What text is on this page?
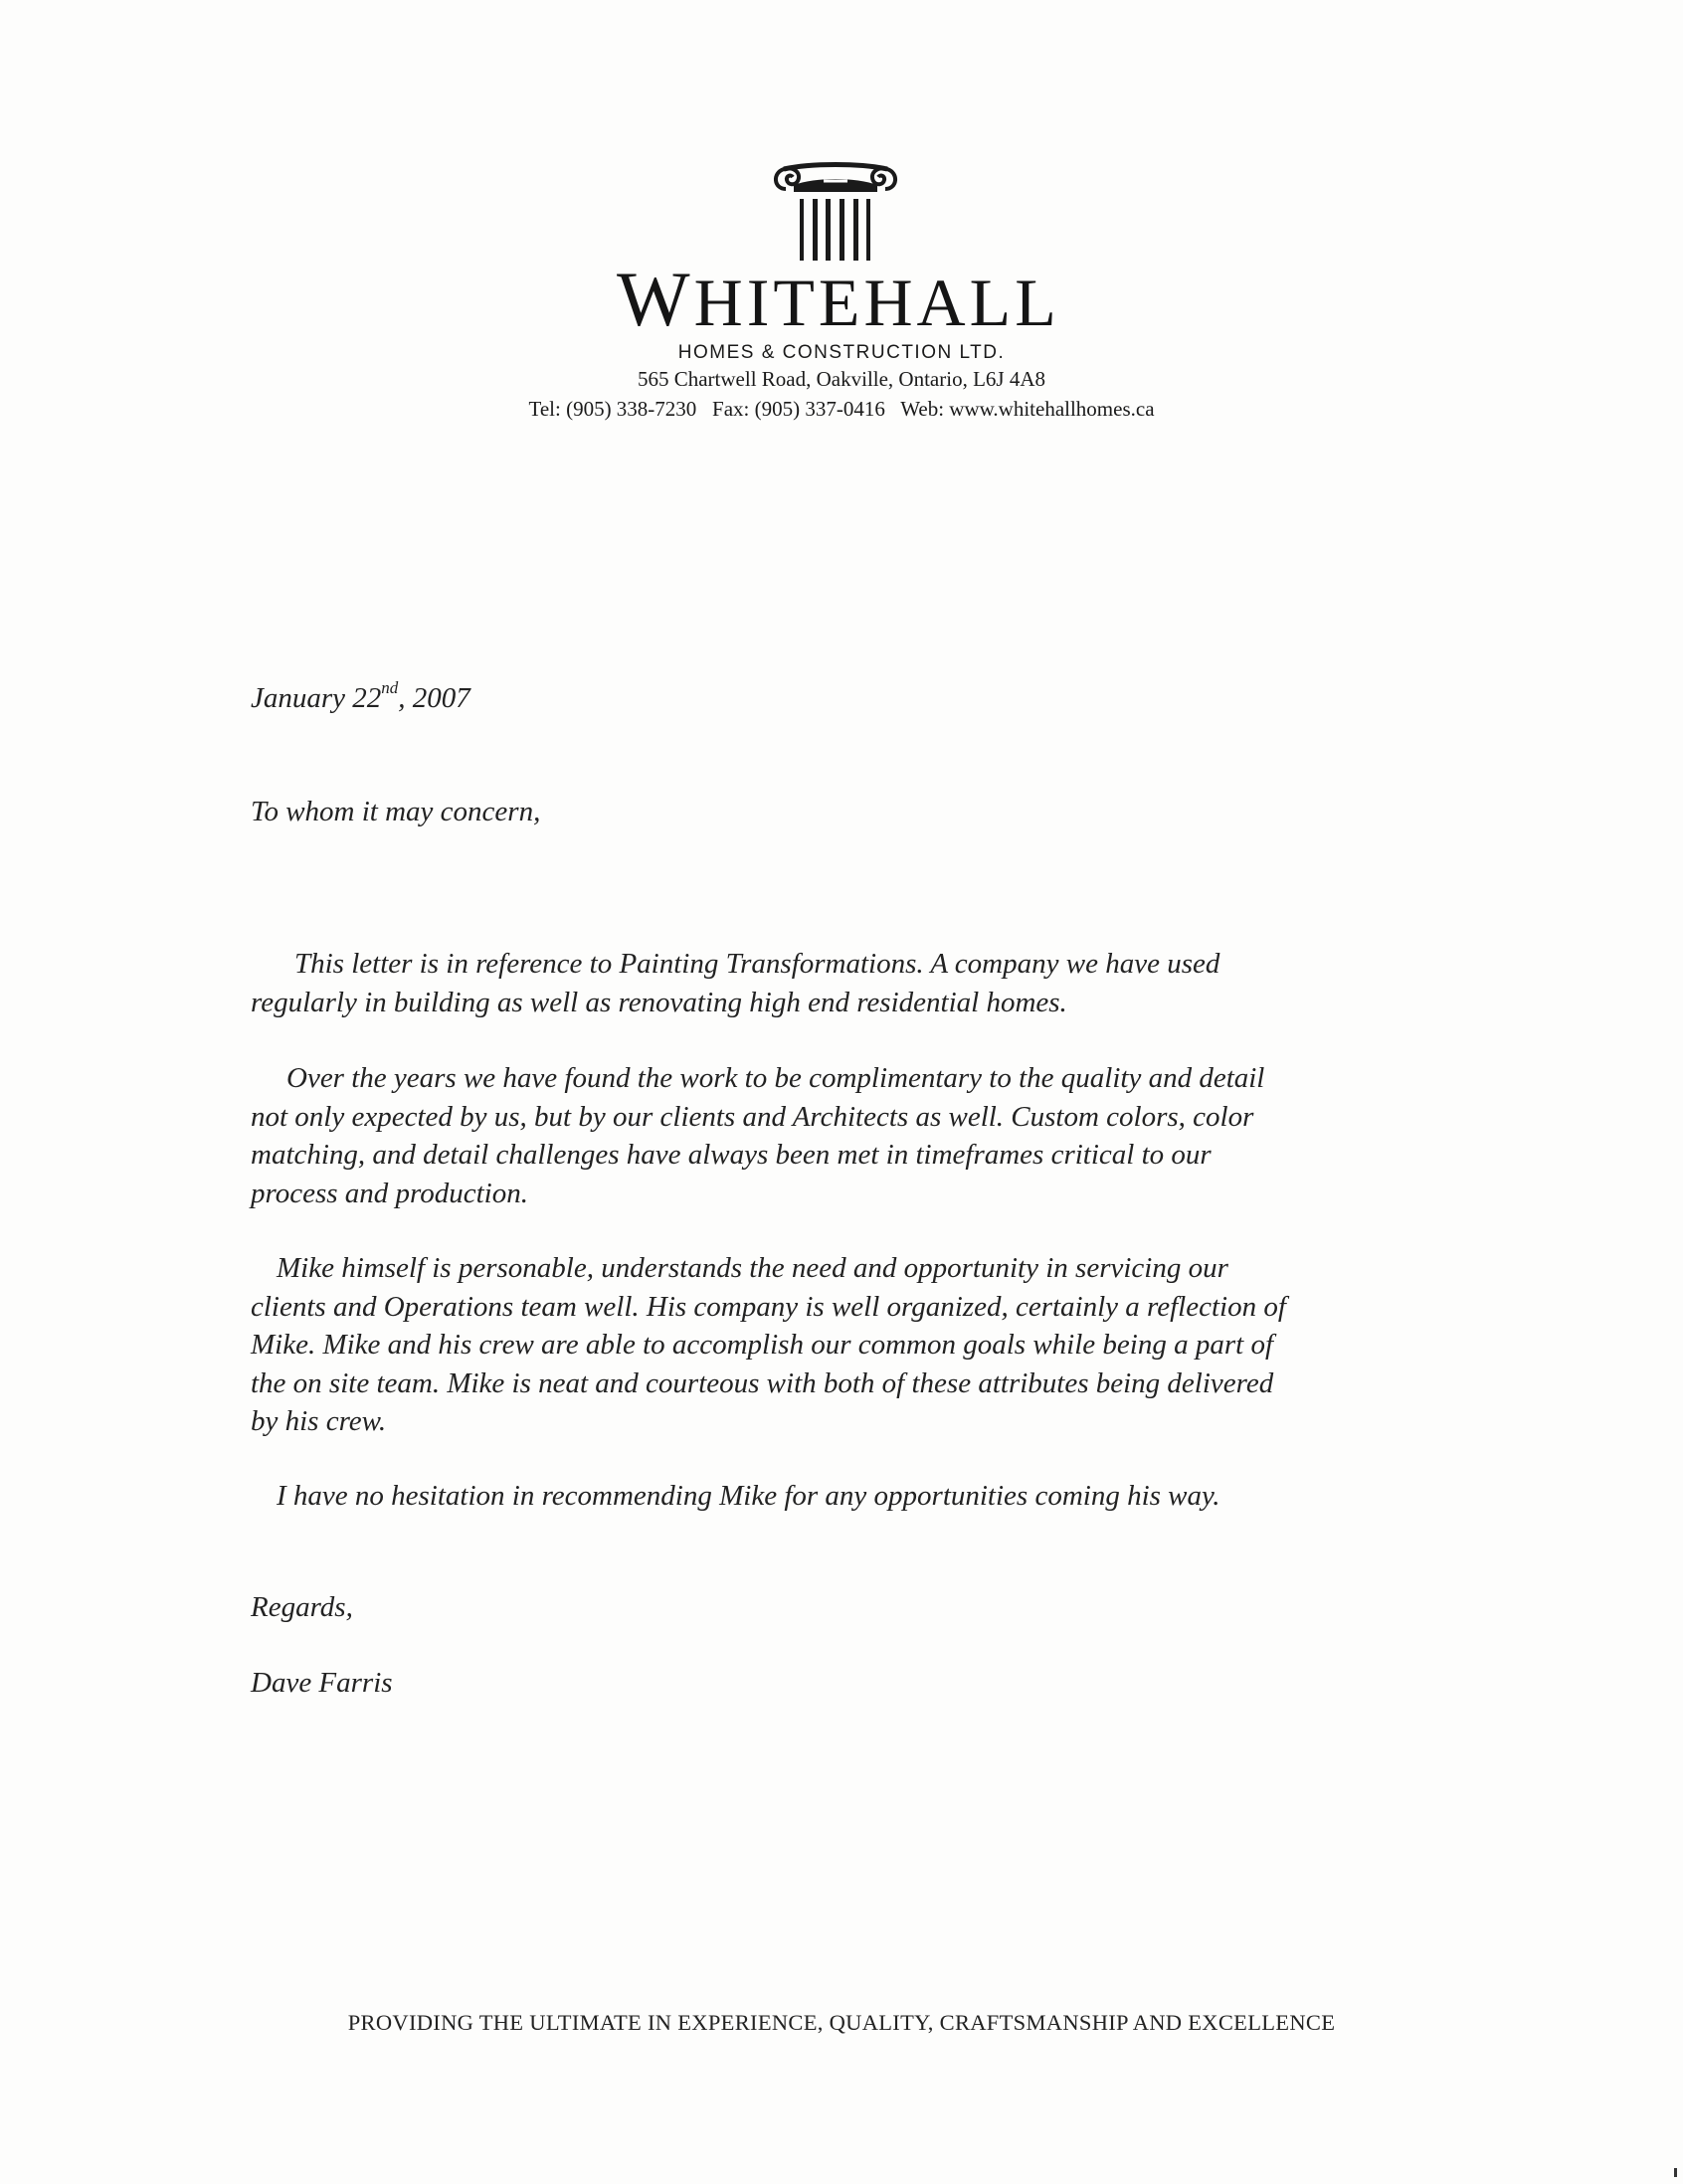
WHITEHALL
HOMES & CONSTRUCTION LTD.
565 Chartwell Road, Oakville, Ontario, L6J 4A8
Tel: (905) 338-7230   Fax: (905) 337-0416   Web: www.whitehallhomes.ca
January 22nd, 2007
To whom it may concern,
This letter is in reference to Painting Transformations. A company we have used
regularly in building as well as renovating high end residential homes.
Over the years we have found the work to be complimentary to the quality and detail
not only expected by us, but by our clients and Architects as well. Custom colors, color
matching, and detail challenges have always been met in timeframes critical to our
process and production.
Mike himself is personable, understands the need and opportunity in servicing our
clients and Operations team well. His company is well organized, certainly a reflection of
Mike. Mike and his crew are able to accomplish our common goals while being a part of
the on site team. Mike is neat and courteous with both of these attributes being delivered
by his crew.
I have no hesitation in recommending Mike for any opportunities coming his way.
Regards,
Dave Farris
PROVIDING THE ULTIMATE IN EXPERIENCE, QUALITY, CRAFTSMANSHIP AND EXCELLENCE
